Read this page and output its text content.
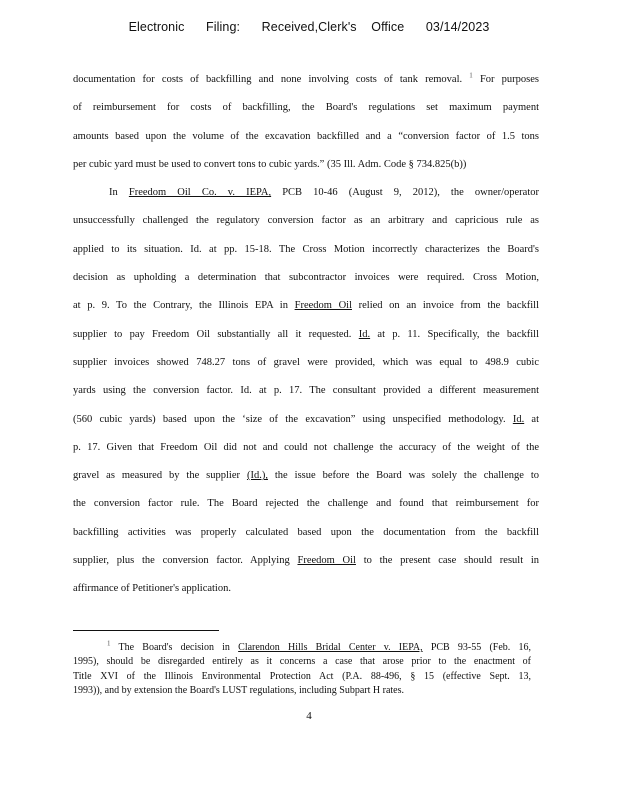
Electronic Filing: Received,Clerk's Office 03/14/2023
documentation for costs of backfilling and none involving costs of tank removal. $^1$ For purposes
of reimbursement for costs of backfilling, the Board's regulations set maximum payment
amounts based upon the volume of the excavation backfilled and a “conversion factor of 1.5 tons
per cubic yard must be used to convert tons to cubic yards.” (35 Ill. Adm. Code § 734.825(b))
In Freedom Oil Co. v. IEPA, PCB 10-46 (August 9, 2012), the owner/operator
unsuccessfully challenged the regulatory conversion factor as an arbitrary and capricious rule as
applied to its situation. Id. at pp. 15-18. The Cross Motion incorrectly characterizes the Board's
decision as upholding a determination that subcontractor invoices were required. Cross Motion,
at p. 9. To the Contrary, the Illinois EPA in Freedom Oil relied on an invoice from the backfill
supplier to pay Freedom Oil substantially all it requested. Id. at p. 11. Specifically, the backfill
supplier invoices showed 748.27 tons of gravel were provided, which was equal to 498.9 cubic
yards using the conversion factor. Id. at p. 17. The consultant provided a different measurement
(560 cubic yards) based upon the ‘size of the excavation” using unspecified methodology. Id. at
p. 17. Given that Freedom Oil did not and could not challenge the accuracy of the weight of the
gravel as measured by the supplier (Id.), the issue before the Board was solely the challenge to
the conversion factor rule. The Board rejected the challenge and found that reimbursement for
backfilling activities was properly calculated based upon the documentation from the backfill
supplier, plus the conversion factor. Applying Freedom Oil to the present case should result in
affirmance of Petitioner's application.
$^1$ The Board's decision in Clarendon Hills Bridal Center v. IEPA, PCB 93-55 (Feb. 16,
1995), should be disregarded entirely as it concerns a case that arose prior to the enactment of
Title XVI of the Illinois Environmental Protection Act (P.A. 88-496, § 15 (effective Sept. 13,
1993)), and by extension the Board's LUST regulations, including Subpart H rates.
4
